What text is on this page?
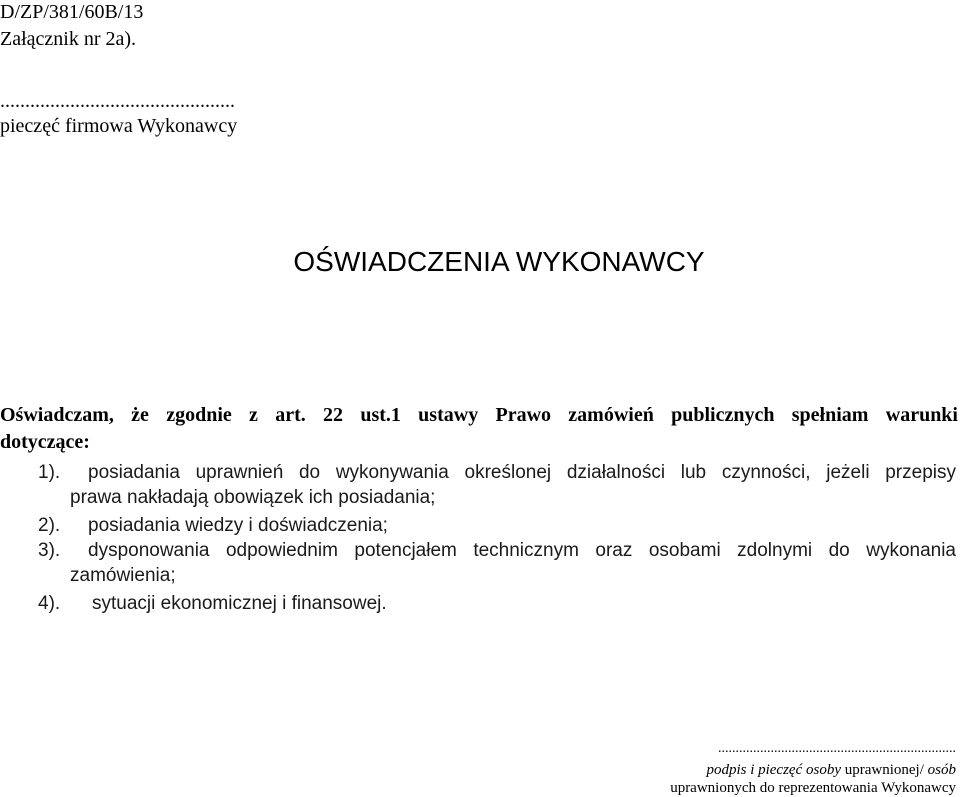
D/ZP/381/60B/13
Załącznik nr 2a).
...............................................
pieczęć firmowa Wykonawcy
OŚWIADCZENIA WYKONAWCY
Oświadczam, że zgodnie z art. 22 ust.1 ustawy Prawo zamówień publicznych spełniam warunki
dotyczące:
1).	posiadania uprawnień do wykonywania określonej działalności lub czynności, jeżeli przepisy
prawa nakładają obowiązek ich posiadania;
2).	posiadania wiedzy i doświadczenia;
3).	dysponowania odpowiednim potencjałem technicznym oraz osobami zdolnymi do wykonania
zamówienia;
4).	sytuacji ekonomicznej i finansowej.
....................................................................
podpis i pieczęć osoby uprawnionej/ osób
uprawnionych do reprezentowania Wykonawcy
